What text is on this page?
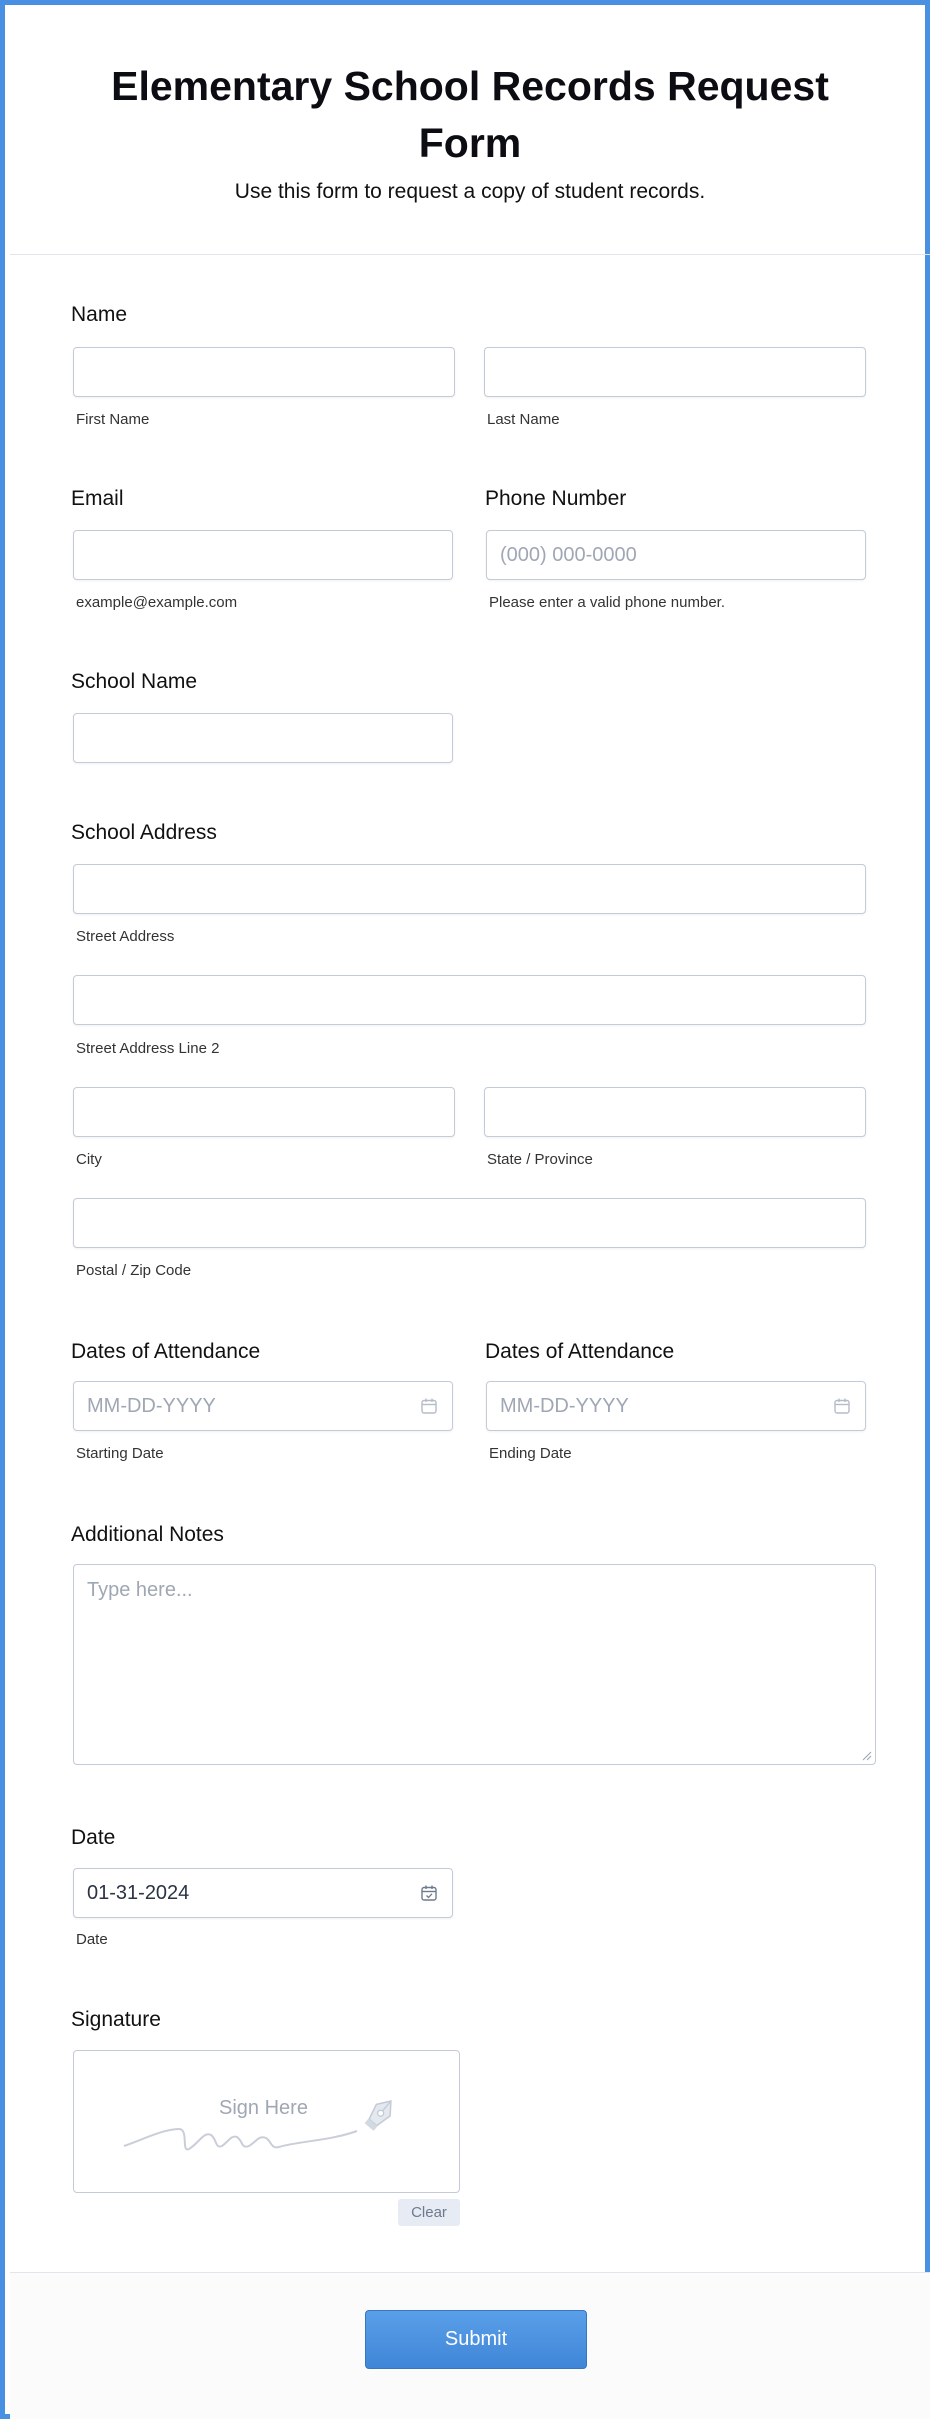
Elementary School Records Request Form
Use this form to request a copy of student records.
Name
First Name	Last Name
Email	Phone Number
(000) 000-0000
example@example.com	Please enter a valid phone number.
School Name
School Address
Street Address
Street Address Line 2
City	State / Province
Postal / Zip Code
Dates of Attendance	Dates of Attendance
MM-DD-YYYY	MM-DD-YYYY
Starting Date	Ending Date
Additional Notes
Type here...
Date
01-31-2024
Date
Signature
Sign Here
Clear
Submit
